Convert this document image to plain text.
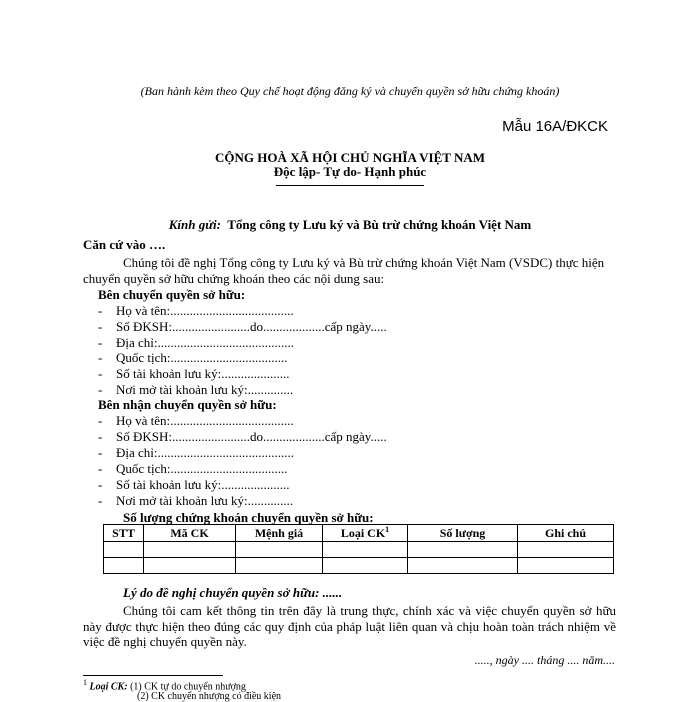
(Ban hành kèm theo Quy chế hoạt động đăng ký và chuyển quyền sở hữu chứng khoán)
Mẫu 16A/ĐKCK
CỘNG HOÀ XÃ HỘI CHỦ NGHĨA VIỆT NAM
Độc lập- Tự do- Hạnh phúc
Kính gửi: Tổng công ty Lưu ký và Bù trừ chứng khoán Việt Nam
Căn cứ vào ….
Chúng tôi đề nghị Tổng công ty Lưu ký và Bù trừ chứng khoán Việt Nam (VSDC) thực hiện chuyển quyền sở hữu chứng khoán theo các nội dung sau:
Bên chuyển quyền sở hữu:
- Họ và tên:......................................
- Số ĐKSH:........................do...................cấp ngày.....
- Địa chỉ:..........................................
- Quốc tịch:....................................
- Số tài khoản lưu ký:.....................
- Nơi mở tài khoản lưu ký:..............
Bên nhận chuyển quyền sở hữu:
- Họ và tên:......................................
- Số ĐKSH:........................do...................cấp ngày.....
- Địa chỉ:..........................................
- Quốc tịch:....................................
- Số tài khoản lưu ký:.....................
- Nơi mở tài khoản lưu ký:..............
Số lượng chứng khoán chuyển quyền sở hữu:
STT	Mã CK	Mệnh giá	Loại $CK^1$	Số lượng	Ghi chú

Lý do đề nghị chuyển quyền sở hữu: ......
Chúng tôi cam kết thông tin trên đây là trung thực, chính xác và việc chuyển quyền sở hữu này được thực hiện theo đúng các quy định của pháp luật liên quan và chịu hoàn toàn trách nhiệm về việc đề nghị chuyển quyền này.
....., ngày .... tháng .... năm....
$^1$ Loại CK: (1) CK tự do chuyển nhượng
(2) CK chuyển nhượng có điều kiện
